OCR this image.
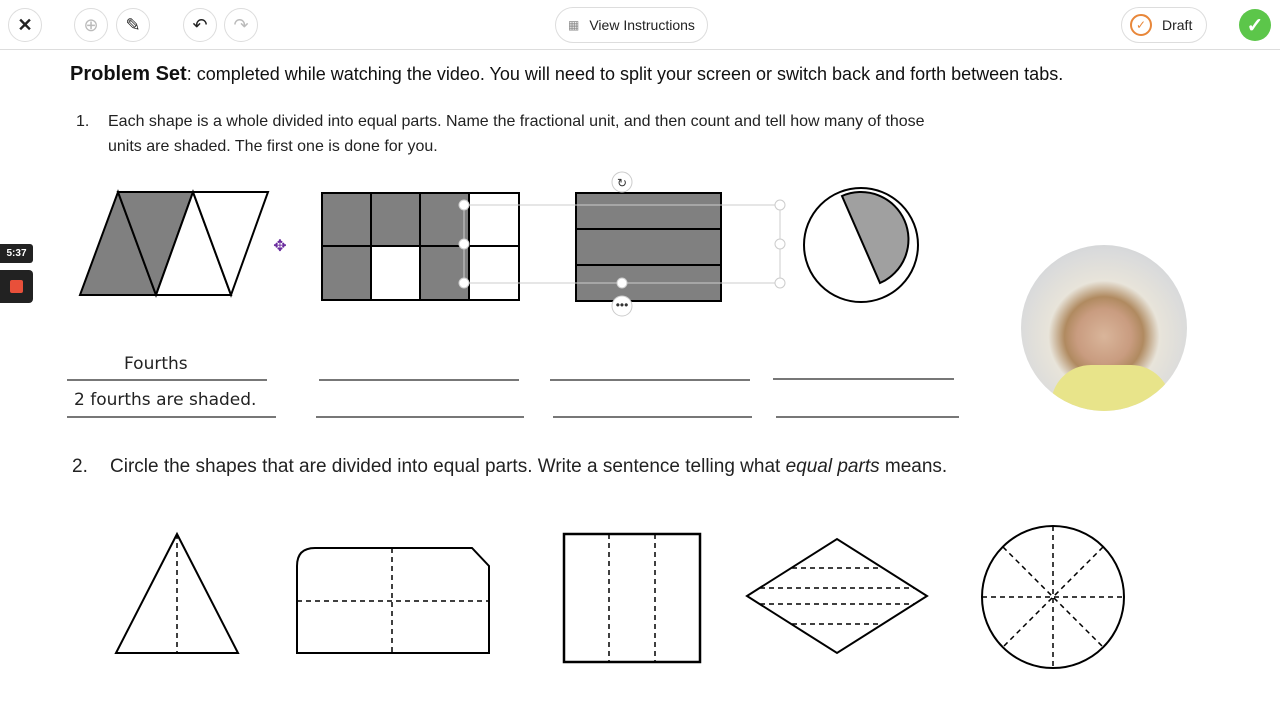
✕	⊕ ✎	↶ ↷	▦ View Instructions	✓	Draft	✓
5:37
Problem Set: completed while watching the video. You will need to split your screen or switch back and forth between tabs.
1. Each shape is a whole divided into equal parts. Name the fractional unit, and then count and tell how many of those units are shaded. The first one is done for you.
↻
•••
✥
Fourths
2 fourths are shaded.
2. Circle the shapes that are divided into equal parts. Write a sentence telling what equal parts means.
